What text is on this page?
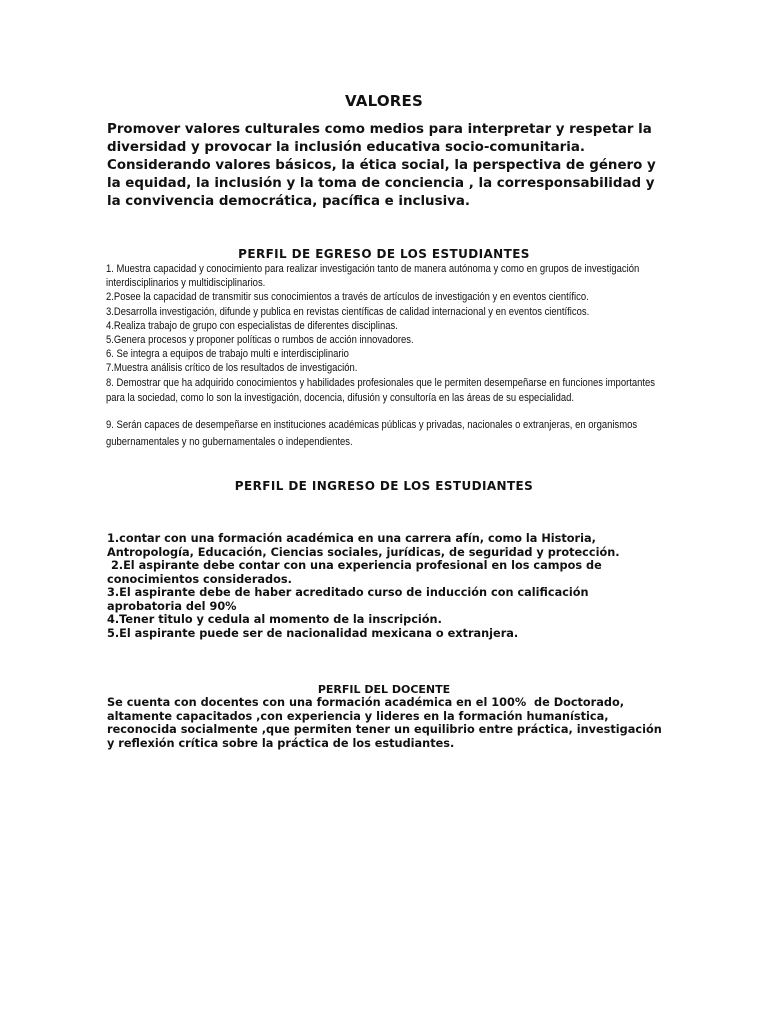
VALORES

Promover valores culturales como medios para interpretar y respetar la diversidad y provocar la inclusión educativa socio-comunitaria. Considerando valores básicos, la ética social, la perspectiva de género y la equidad, la inclusión y la toma de conciencia , la corresponsabilidad y la convivencia democrática, pacífica e inclusiva.

PERFIL DE EGRESO DE LOS ESTUDIANTES
1. Muestra capacidad y conocimiento para realizar investigación tanto de manera autónoma y como en grupos de investigación interdisciplinarios y multidisciplinarios.
2.Posee la capacidad de transmitir sus conocimientos a través de artículos de investigación y en eventos científico.
3.Desarrolla investigación, difunde y publica en revistas científicas de calidad internacional y en eventos científicos.
4.Realiza trabajo de grupo con especialistas de diferentes disciplinas.
5.Genera procesos y proponer políticas o rumbos de acción innovadores.
6. Se integra a equipos de trabajo multi e interdisciplinario
7.Muestra análisis crítico de los resultados de investigación.
8. Demostrar que ha adquirido conocimientos y habilidades profesionales que le permiten desempeñarse en funciones importantes para la sociedad, como lo son la investigación, docencia, difusión y consultoría en las áreas de su especialidad.
9. Serán capaces de desempeñarse en instituciones académicas públicas y privadas, nacionales o extranjeras, en organismos gubernamentales y no gubernamentales o independientes.
PERFIL DE INGRESO DE LOS ESTUDIANTES
1.contar con una formación académica en una carrera afín, como la Historia, Antropología, Educación, Ciencias sociales, jurídicas, de seguridad y protección.
2.El aspirante debe contar con una experiencia profesional en los campos de conocimientos considerados.
3.El aspirante debe de haber acreditado curso de inducción con calificación aprobatoria del 90%
4.Tener titulo y cedula al momento de la inscripción.
5.El aspirante puede ser de nacionalidad mexicana o extranjera.
PERFIL DEL DOCENTE

Se cuenta con docentes con una formación académica en el 100%  de Doctorado, altamente capacitados ,con experiencia y lideres en la formación humanística, reconocida socialmente ,que permiten tener un equilibrio entre práctica, investigación y reflexión crítica sobre la práctica de los estudiantes.
